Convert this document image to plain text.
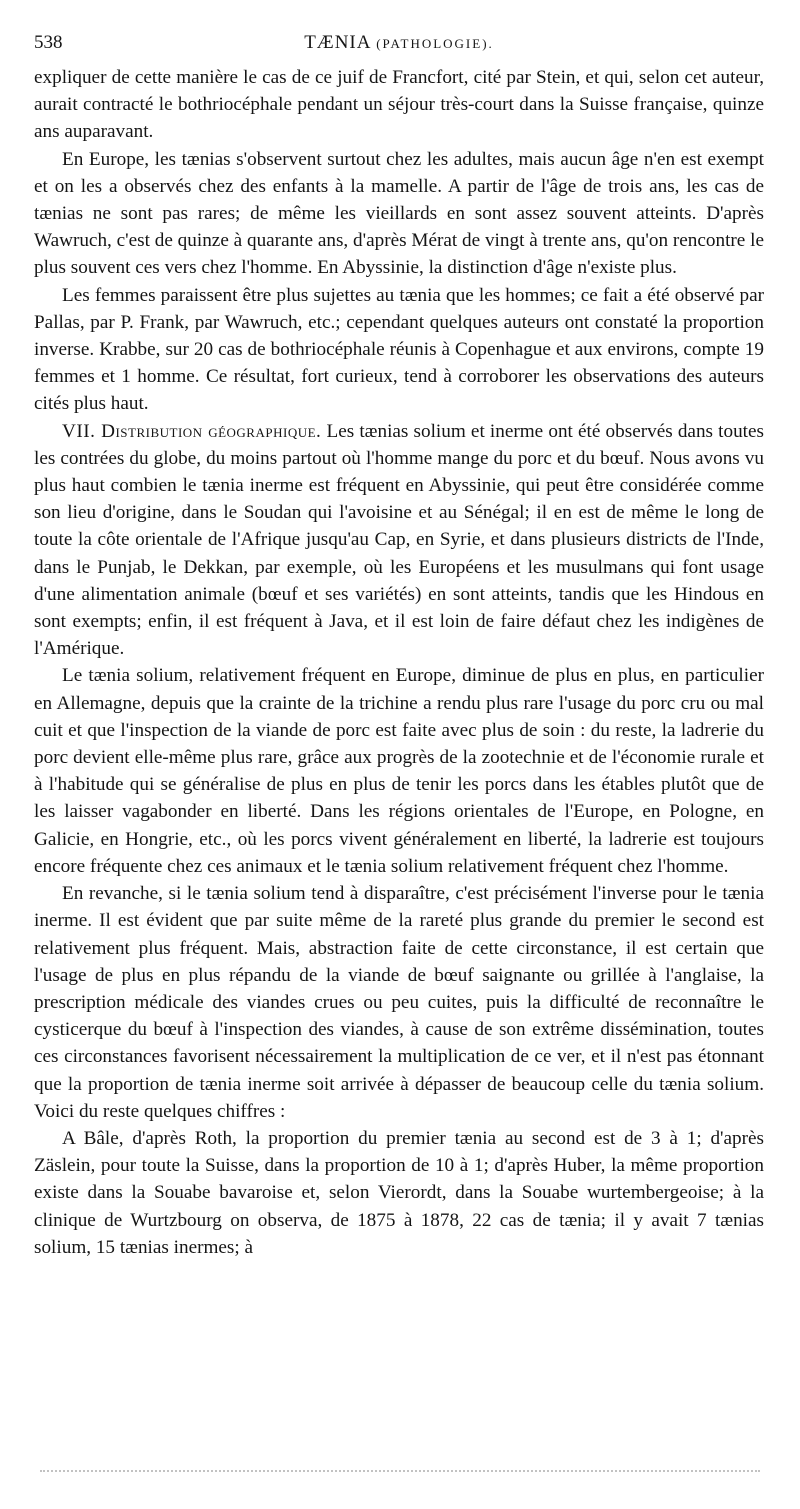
538	TÆNIA (PATHOLOGIE).

expliquer de cette manière le cas de ce juif de Francfort, cité par Stein, et qui, selon cet auteur, aurait contracté le bothriocéphale pendant un séjour très-court dans la Suisse française, quinze ans auparavant.

En Europe, les tænias s'observent surtout chez les adultes, mais aucun âge n'en est exempt et on les a observés chez des enfants à la mamelle. A partir de l'âge de trois ans, les cas de tænias ne sont pas rares; de même les vieillards en sont assez souvent atteints. D'après Wawruch, c'est de quinze à quarante ans, d'après Mérat de vingt à trente ans, qu'on rencontre le plus souvent ces vers chez l'homme. En Abyssinie, la distinction d'âge n'existe plus.

Les femmes paraissent être plus sujettes au tænia que les hommes; ce fait a été observé par Pallas, par P. Frank, par Wawruch, etc.; cependant quelques auteurs ont constaté la proportion inverse. Krabbe, sur 20 cas de bothriocéphale réunis à Copenhague et aux environs, compte 19 femmes et 1 homme. Ce résultat, fort curieux, tend à corroborer les observations des auteurs cités plus haut.

VII. Distribution géographique. Les tænias solium et inerme ont été observés dans toutes les contrées du globe, du moins partout où l'homme mange du porc et du bœuf. Nous avons vu plus haut combien le tænia inerme est fréquent en Abyssinie, qui peut être considérée comme son lieu d'origine, dans le Soudan qui l'avoisine et au Sénégal; il en est de même le long de toute la côte orientale de l'Afrique jusqu'au Cap, en Syrie, et dans plusieurs districts de l'Inde, dans le Punjab, le Dekkan, par exemple, où les Européens et les musulmans qui font usage d'une alimentation animale (bœuf et ses variétés) en sont atteints, tandis que les Hindous en sont exempts; enfin, il est fréquent à Java, et il est loin de faire défaut chez les indigènes de l'Amérique.

Le tænia solium, relativement fréquent en Europe, diminue de plus en plus, en particulier en Allemagne, depuis que la crainte de la trichine a rendu plus rare l'usage du porc cru ou mal cuit et que l'inspection de la viande de porc est faite avec plus de soin : du reste, la ladrerie du porc devient elle-même plus rare, grâce aux progrès de la zootechnie et de l'économie rurale et à l'habitude qui se généralise de plus en plus de tenir les porcs dans les étables plutôt que de les laisser vagabonder en liberté. Dans les régions orientales de l'Europe, en Pologne, en Galicie, en Hongrie, etc., où les porcs vivent généralement en liberté, la ladrerie est toujours encore fréquente chez ces animaux et le tænia solium relativement fréquent chez l'homme.

En revanche, si le tænia solium tend à disparaître, c'est précisément l'inverse pour le tænia inerme. Il est évident que par suite même de la rareté plus grande du premier le second est relativement plus fréquent. Mais, abstraction faite de cette circonstance, il est certain que l'usage de plus en plus répandu de la viande de bœuf saignante ou grillée à l'anglaise, la prescription médicale des viandes crues ou peu cuites, puis la difficulté de reconnaître le cysticerque du bœuf à l'inspection des viandes, à cause de son extrême dissémination, toutes ces circonstances favorisent nécessairement la multiplication de ce ver, et il n'est pas étonnant que la proportion de tænia inerme soit arrivée à dépasser de beaucoup celle du tænia solium. Voici du reste quelques chiffres :

A Bâle, d'après Roth, la proportion du premier tænia au second est de 3 à 1; d'après Zäslein, pour toute la Suisse, dans la proportion de 10 à 1; d'après Huber, la même proportion existe dans la Souabe bavaroise et, selon Vierordt, dans la Souabe wurtembergeoise; à la clinique de Wurtzbourg on observa, de 1875 à 1878, 22 cas de tænia; il y avait 7 tænias solium, 15 tænias inermes; à
